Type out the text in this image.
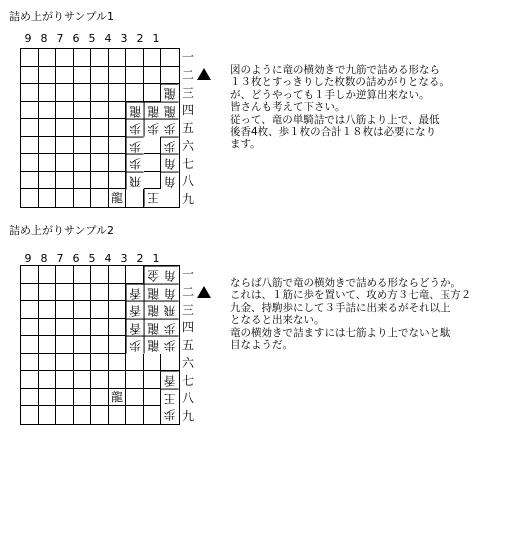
詰め上がりサンプル1
9 8 7 6 5 4 3 2 1
龍
龍 龍 龍
歩 歩 歩
歩 歩
歩 角
飛 角
龍 王
一
二
三
四
五
六
七
八
九
図のように竜の横効きで九筋で詰める形なら
１３枚とすっきりした枚数の詰めがりとなる。
が、どうやっても１手しか逆算出来ない。
皆さんも考えて下さい。
従って、竜の単騎詰では八筋より上で、最低
後香4枚、歩１枚の合計１８枚は必要になり
ます。
詰め上がりサンプル2
9 8 7 6 5 4 3 2 1
金 角
香 龍 角
香 龍 飛
香 龍 歩
歩 龍 歩
香
龍	王
歩
一
二
三
四
五
六
七
八
九
ならば八筋で竜の横効きで詰める形ならどうか。
これは、１筋に歩を置いて、攻め方３七竜、玉方２
九金、持駒歩にして３手詰に出来るがそれ以上
となると出来ない。
竜の横効きで詰ますには七筋より上でないと駄
目なようだ。
